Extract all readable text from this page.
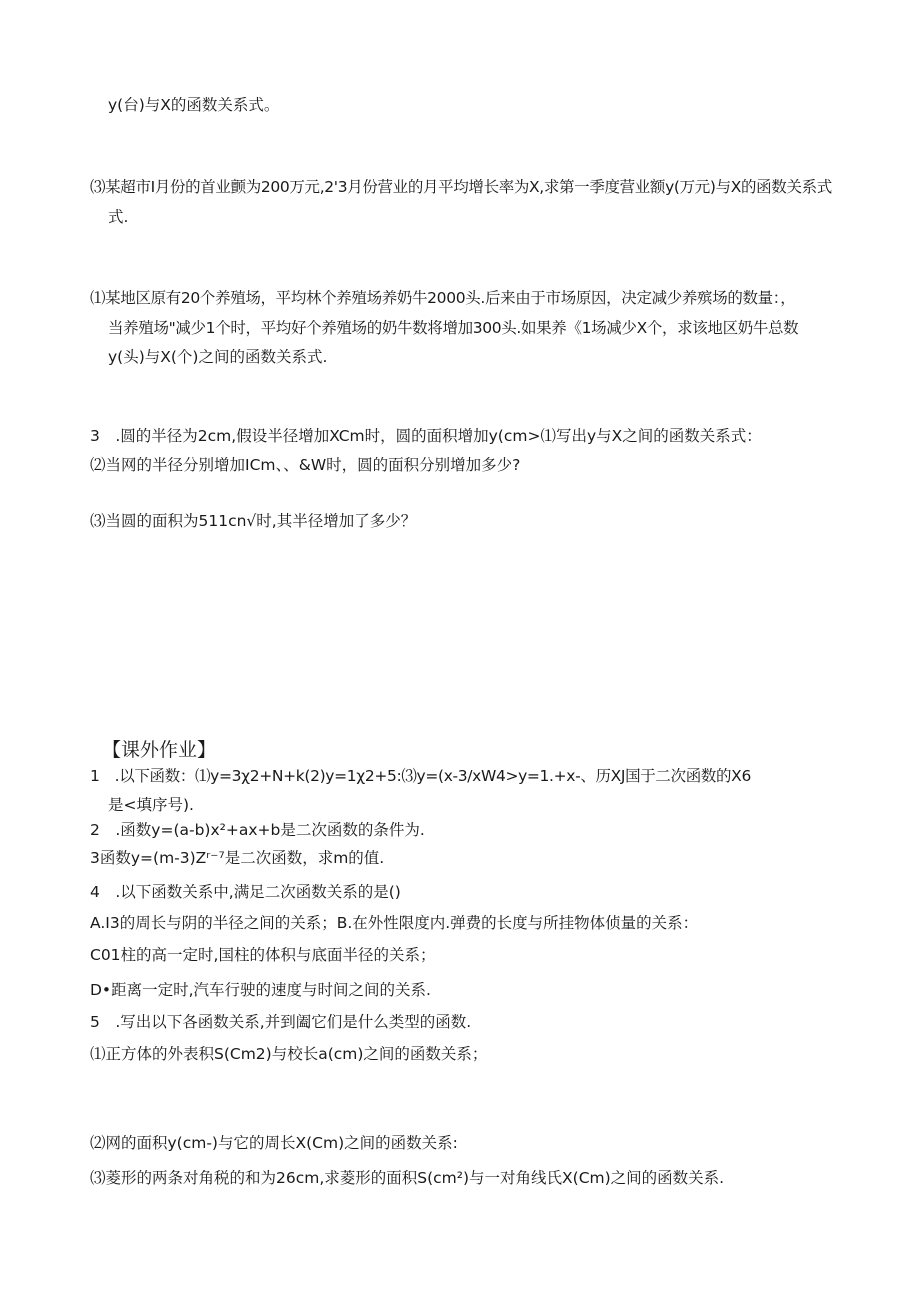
y(台)与X的函数关系式。
⑶某超市I月份的首业颤为200万元,2'3月份营业的月平均增长率为X,求第一季度营业额y(万元)与X的函数关系式
式.
⑴某地区原有20个养殖场，平均林个养殖场养奶牛2000头.后来由于市场原因，决定减少养殡场的数量：，
当养殖场"减少1个时，平均好个养殖场的奶牛数将增加300头.如果养《1场减少X个，求该地区奶牛总数
y(头)与X(个)之间的函数关系式.
3　.圆的半径为2cm,假设半径增加XCm时，圆的面积增加y(cm>⑴写出y与X之间的函数关系式：
⑵当网的半径分别增加ICm、、&W时，圆的面积分别增加多少?
⑶当圆的面积为511cn√时,其半径增加了多少？
【课外作业】
1　.以下函数：⑴y=3χ2+N+k(2)y=1χ2+5:⑶y=(x-3/xW4>y=1.+x-、历XJ国于二次函数的X6
是<填序号).
2　.函数y=(a-b)x²+ax+b是二次函数的条件为.
3函数y=(m-3)Zʳ⁻⁷是二次函数，求m的值.
4　.以下函数关系中,满足二次函数关系的是()
A.I3的周长与阴的半径之间的关系；B.在外性限度内.弹费的长度与所挂物体侦量的关系：
C01柱的高一定时,国柱的体积与底面半径的关系；
D•距离一定时,汽车行驶的速度与时间之间的关系.
5　.写出以下各函数关系,并到阖它们是什么类型的函数.
⑴正方体的外表积S(Cm2)与校长a(cm)之间的函数关系；
⑵网的面积y(cm-)与它的周长X(Cm)之间的函数关系:
⑶菱形的两条对角税的和为26cm,求菱形的面积S(cm²)与一对角线氏X(Cm)之间的函数关系.
